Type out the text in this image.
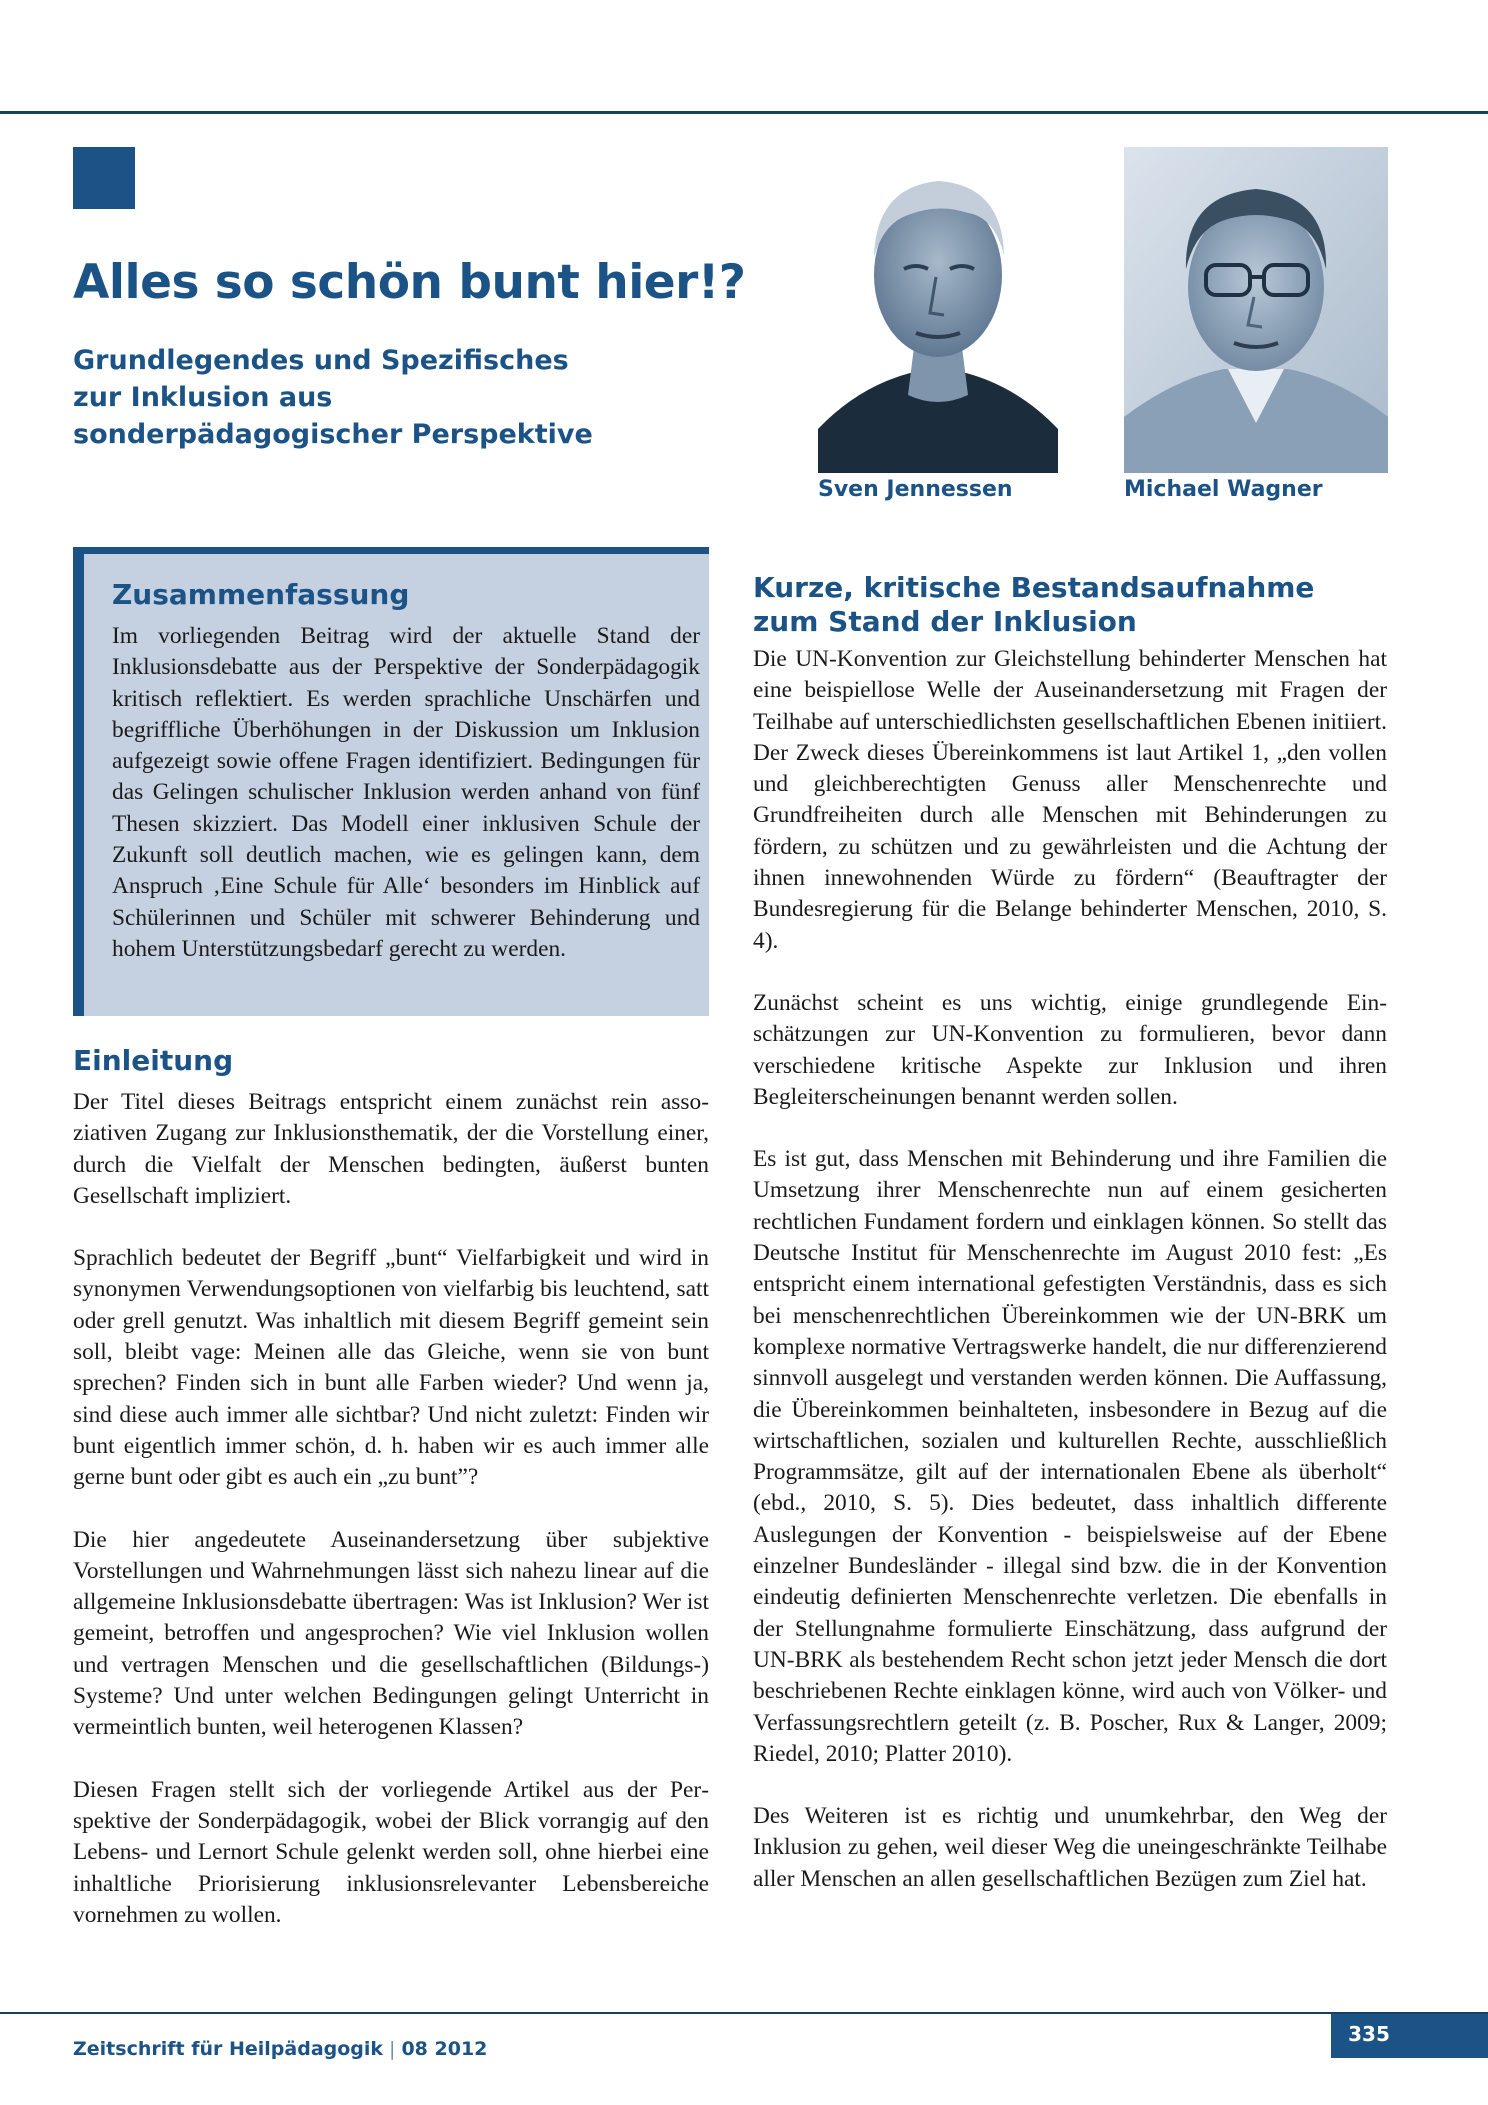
Alles so schön bunt hier!?
Grundlegendes und Spezifisches
zur Inklusion aus
sonderpädagogischer Perspektive

Sven Jennessen	Michael Wagner

Zusammenfassung

Im vorliegenden Beitrag wird der aktuelle Stand der Inklusionsdebatte aus der Perspektive der Sonderpädagogik kritisch reflektiert. Es werden sprachliche Unschärfen und begriffliche Überhöhungen in der Diskussion um Inklusion aufgezeigt sowie offene Fragen identifiziert. Bedingungen für das Gelingen schulischer Inklusion werden anhand von fünf Thesen skizziert. Das Modell einer inklusiven Schule der Zukunft soll deutlich machen, wie es gelingen kann, dem Anspruch ‚Eine Schule für Alle‘ besonders im Hinblick auf Schülerinnen und Schüler mit schwerer Behinderung und hohem Unterstützungsbedarf gerecht zu werden.

Einleitung

Der Titel dieses Beitrags entspricht einem zunächst rein assoziativen Zugang zur Inklusionsthematik, der die Vorstellung einer, durch die Vielfalt der Menschen bedingten, äußerst bunten Gesellschaft impliziert.

Sprachlich bedeutet der Begriff „bunt“ Vielfarbigkeit und wird in synonymen Verwendungsoptionen von vielfarbig bis leuchtend, satt oder grell genutzt. Was inhaltlich mit diesem Begriff gemeint sein soll, bleibt vage: Meinen alle das Gleiche, wenn sie von bunt sprechen? Finden sich in bunt alle Farben wieder? Und wenn ja, sind diese auch immer alle sichtbar? Und nicht zuletzt: Finden wir bunt eigentlich immer schön, d. h. haben wir es auch immer alle gerne bunt oder gibt es auch ein „zu bunt”?

Die hier angedeutete Auseinandersetzung über subjektive Vorstellungen und Wahrnehmungen lässt sich nahezu linear auf die allgemeine Inklusionsdebatte übertragen: Was ist Inklusion? Wer ist gemeint, betroffen und angesprochen? Wie viel Inklusion wollen und vertragen Menschen und die gesellschaftlichen (Bildungs-) Systeme? Und unter welchen Bedingungen gelingt Unterricht in vermeintlich bunten, weil heterogenen Klassen?

Diesen Fragen stellt sich der vorliegende Artikel aus der Perspektive der Sonderpädagogik, wobei der Blick vorrangig auf den Lebens- und Lernort Schule gelenkt werden soll, ohne hierbei eine inhaltliche Priorisierung inklusionsrelevanter Lebensbereiche vornehmen zu wollen.

Kurze, kritische Bestandsaufnahme zum Stand der Inklusion

Die UN-Konvention zur Gleichstellung behinderter Menschen hat eine beispiellose Welle der Auseinandersetzung mit Fragen der Teilhabe auf unterschiedlichsten gesellschaftlichen Ebenen initiiert. Der Zweck dieses Übereinkommens ist laut Artikel 1, „den vollen und gleichberechtigten Genuss aller Menschenrechte und Grundfreiheiten durch alle Menschen mit Behinderungen zu fördern, zu schützen und zu gewährleisten und die Achtung der ihnen innewohnenden Würde zu fördern“ (Beauftragter der Bundesregierung für die Belange behinderter Menschen, 2010, S. 4).

Zunächst scheint es uns wichtig, einige grundlegende Einschätzungen zur UN-Konvention zu formulieren, bevor dann verschiedene kritische Aspekte zur Inklusion und ihren Begleiterscheinungen benannt werden sollen.

Es ist gut, dass Menschen mit Behinderung und ihre Familien die Umsetzung ihrer Menschenrechte nun auf einem gesicherten rechtlichen Fundament fordern und einklagen können. So stellt das Deutsche Institut für Menschenrechte im August 2010 fest: „Es entspricht einem international gefestigten Verständnis, dass es sich bei menschenrechtlichen Übereinkommen wie der UN-BRK um komplexe normative Vertragswerke handelt, die nur differenzierend sinnvoll ausgelegt und verstanden werden können. Die Auffassung, die Übereinkommen beinhalteten, insbesondere in Bezug auf die wirtschaftlichen, sozialen und kulturellen Rechte, ausschließlich Programmsätze, gilt auf der internationalen Ebene als überholt“ (ebd., 2010, S. 5). Dies bedeutet, dass inhaltlich differente Auslegungen der Konvention - beispielsweise auf der Ebene einzelner Bundesländer - illegal sind bzw. die in der Konvention eindeutig definierten Menschenrechte verletzen. Die ebenfalls in der Stellungnahme formulierte Einschätzung, dass aufgrund der UN-BRK als bestehendem Recht schon jetzt jeder Mensch die dort beschriebenen Rechte einklagen könne, wird auch von Völker- und Verfassungsrechtlern geteilt (z. B. Poscher, Rux & Langer, 2009; Riedel, 2010; Platter 2010).

Des Weiteren ist es richtig und unumkehrbar, den Weg der Inklusion zu gehen, weil dieser Weg die uneingeschränkte Teilhabe aller Menschen an allen gesellschaftlichen Bezügen zum Ziel hat.

Zeitschrift für Heilpädagogik | 08 2012

335
